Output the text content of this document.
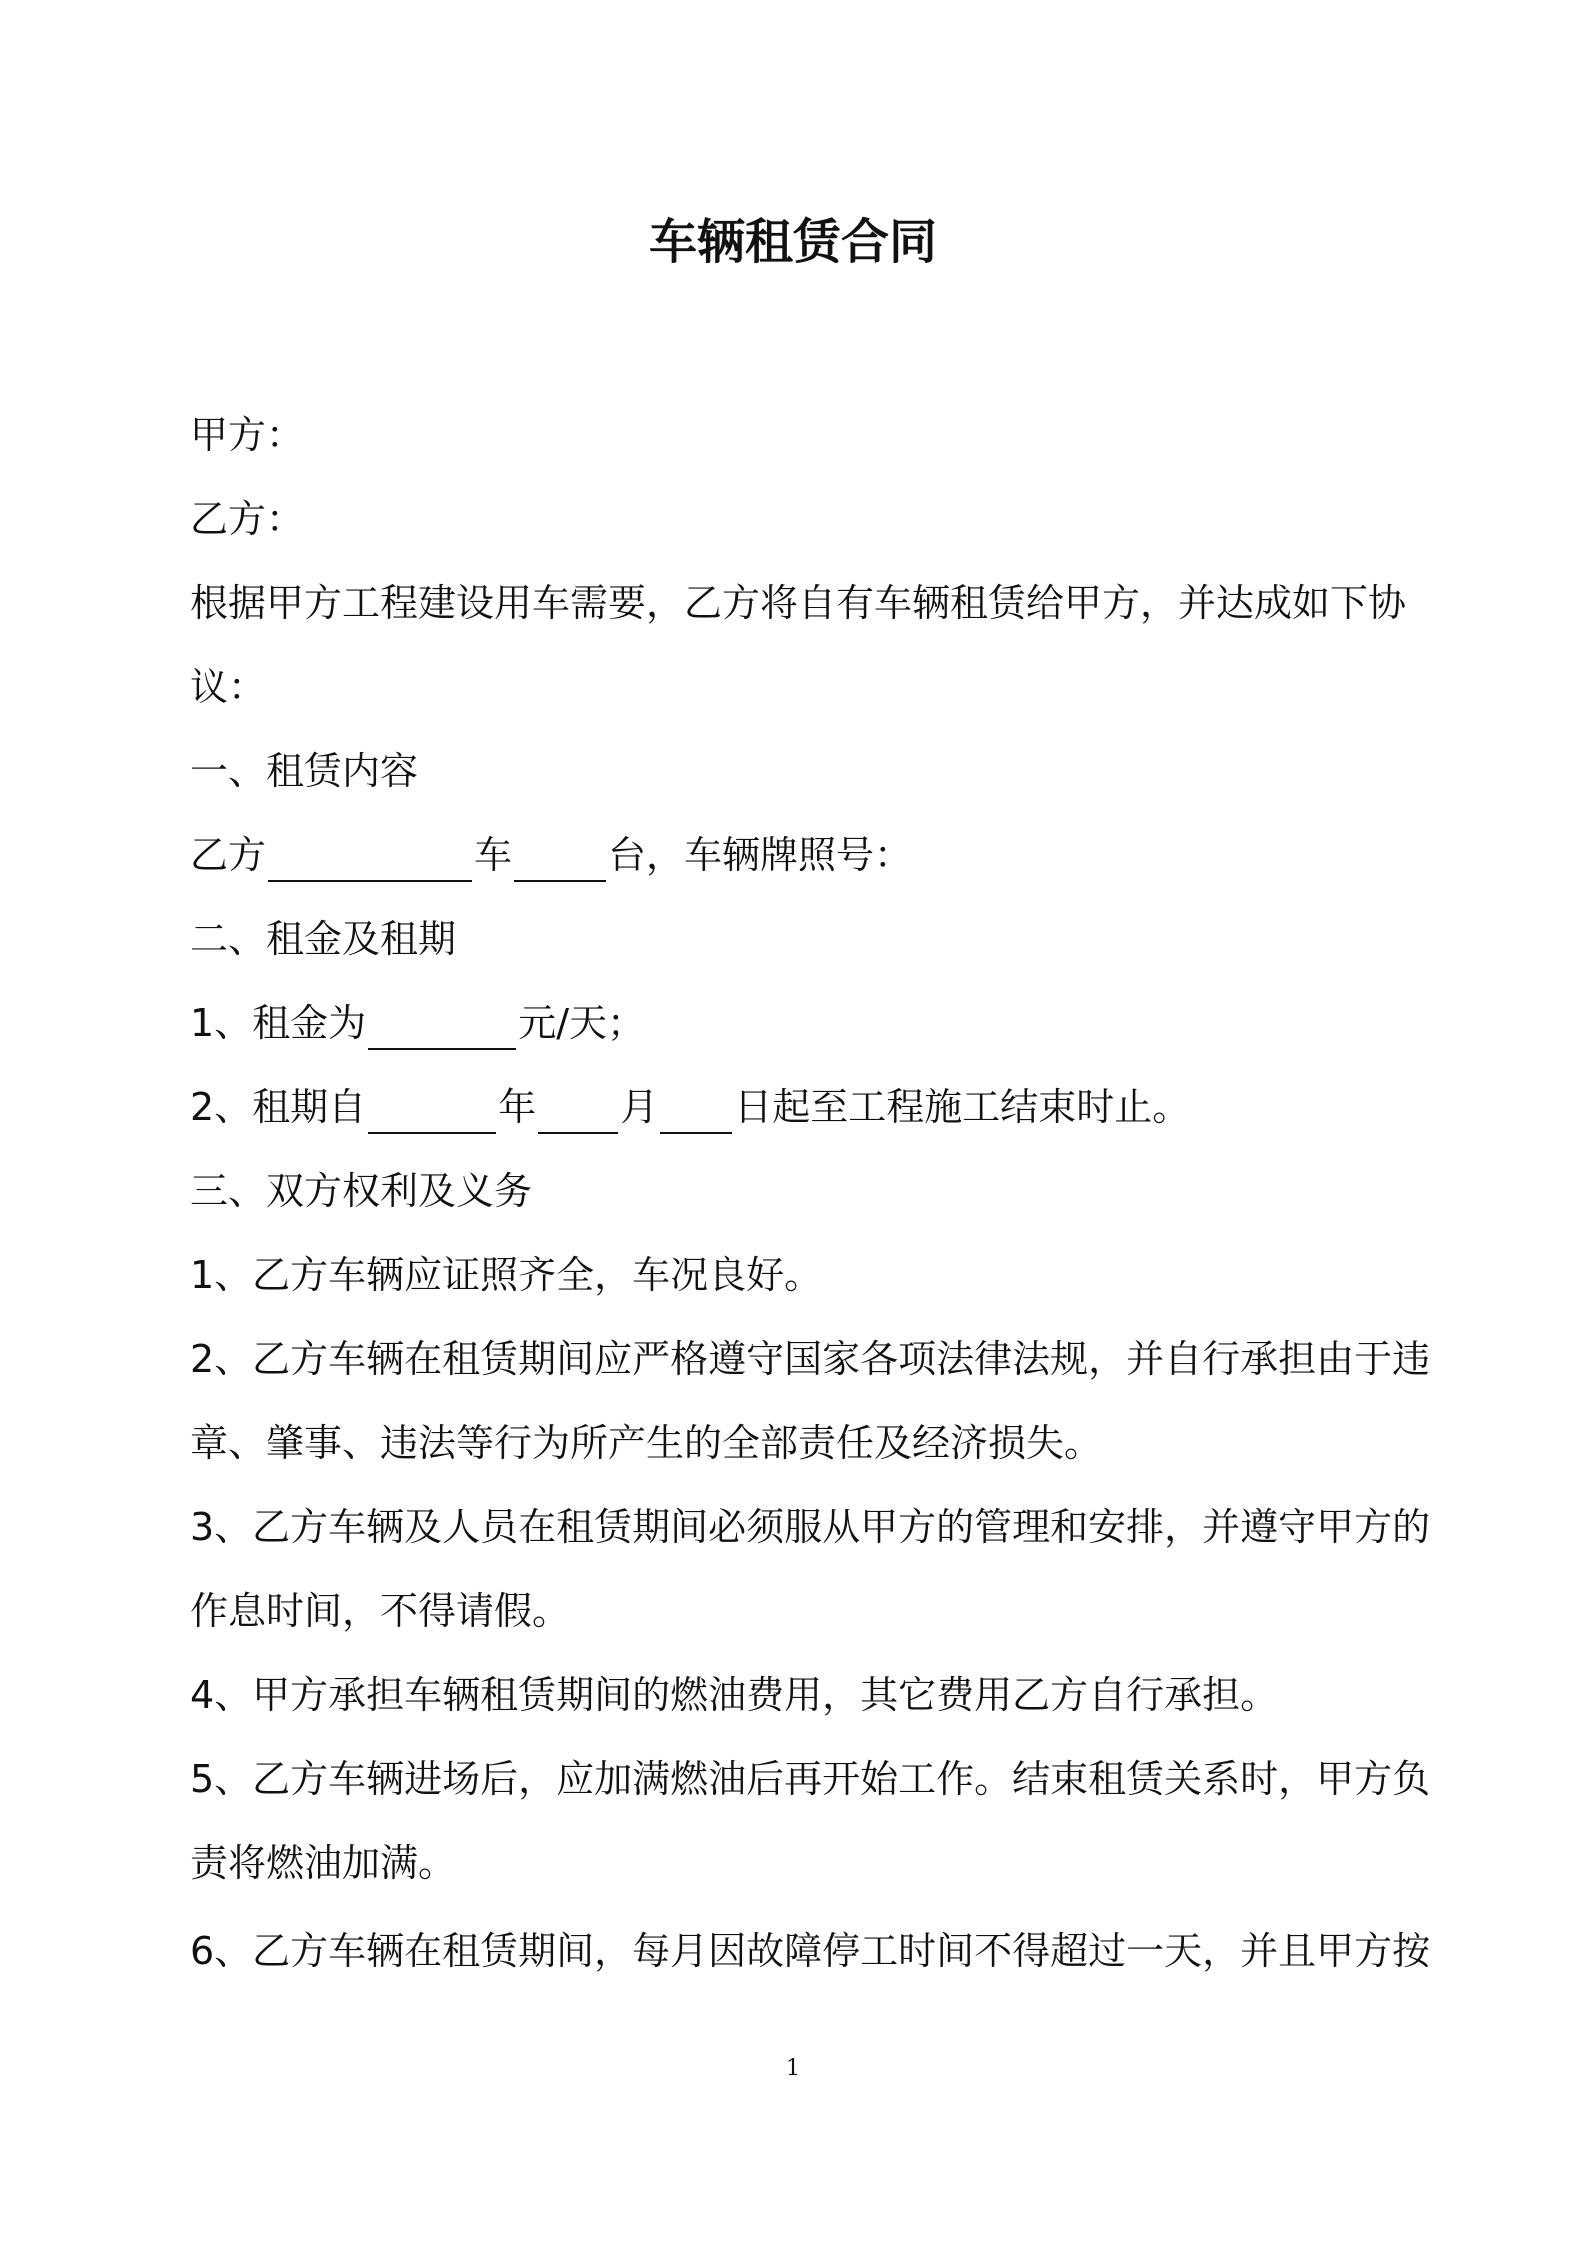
车辆租赁合同
甲方：
乙方：
根据甲方工程建设用车需要，乙方将自有车辆租赁给甲方，并达成如下协
议：
一、租赁内容
乙方	车	台，车辆牌照号：
二、租金及租期
1、租金为	元/天；
2、租期自	年 月 日起至工程施工结束时止。
三、双方权利及义务
1、乙方车辆应证照齐全，车况良好。
2、乙方车辆在租赁期间应严格遵守国家各项法律法规，并自行承担由于违
章、肇事、违法等行为所产生的全部责任及经济损失。
3、乙方车辆及人员在租赁期间必须服从甲方的管理和安排，并遵守甲方的
作息时间，不得请假。
4、甲方承担车辆租赁期间的燃油费用，其它费用乙方自行承担。
5、乙方车辆进场后，应加满燃油后再开始工作。结束租赁关系时，甲方负
责将燃油加满。
6、乙方车辆在租赁期间，每月因故障停工时间不得超过一天，并且甲方按
1
